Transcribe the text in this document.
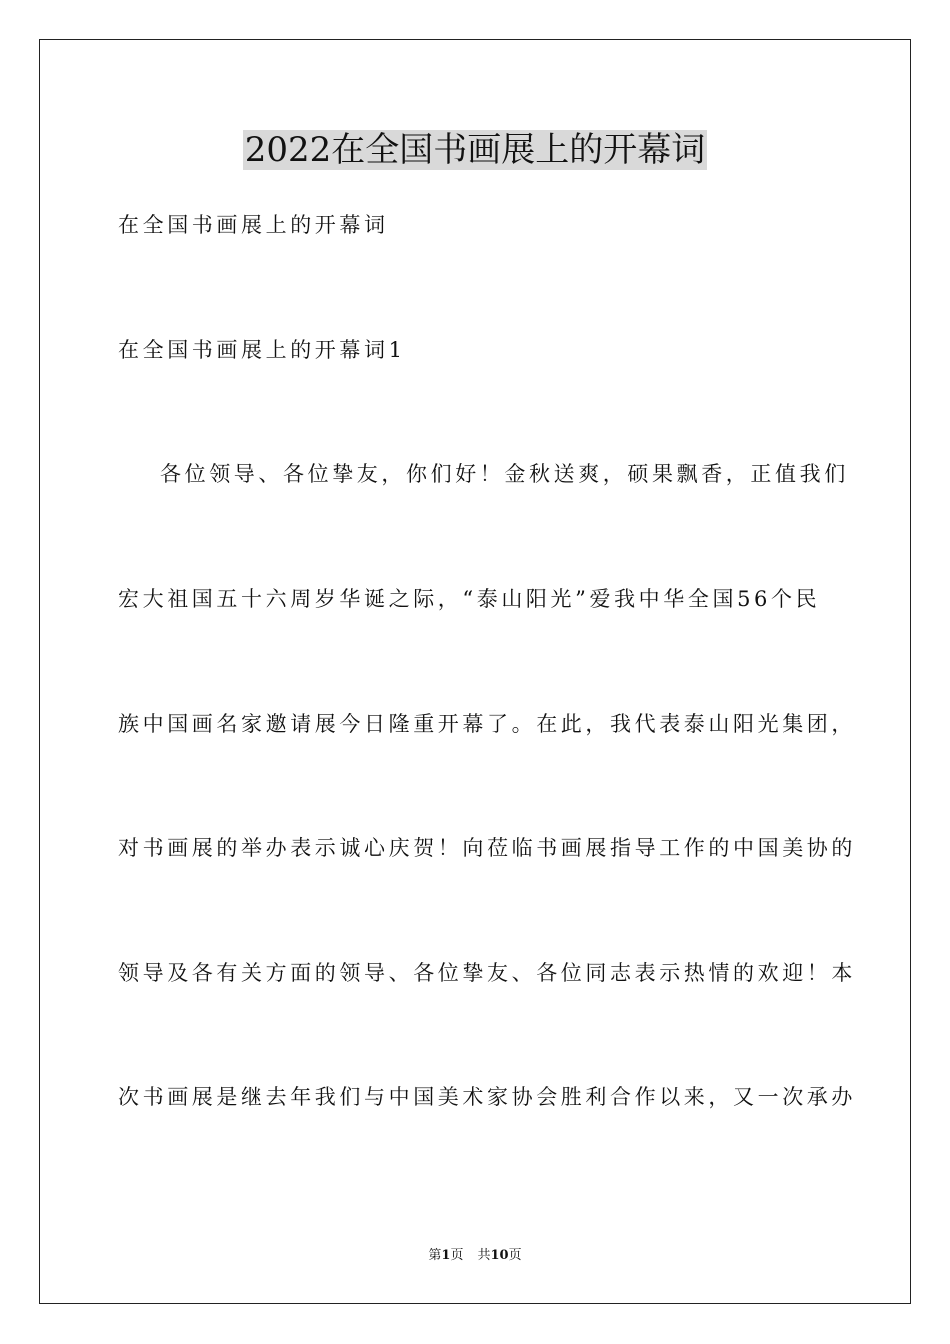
2022在全国书画展上的开幕词

在全国书画展上的开幕词

在全国书画展上的开幕词1

各位领导、各位挚友，你们好！金秋送爽，硕果飘香，正值我们

宏大祖国五十六周岁华诞之际，“泰山阳光”爱我中华全国56个民

族中国画名家邀请展今日隆重开幕了。在此，我代表泰山阳光集团，

对书画展的举办表示诚心庆贺！向莅临书画展指导工作的中国美协的

领导及各有关方面的领导、各位挚友、各位同志表示热情的欢迎！本

次书画展是继去年我们与中国美术家协会胜利合作以来，又一次承办

第1页 共10页
